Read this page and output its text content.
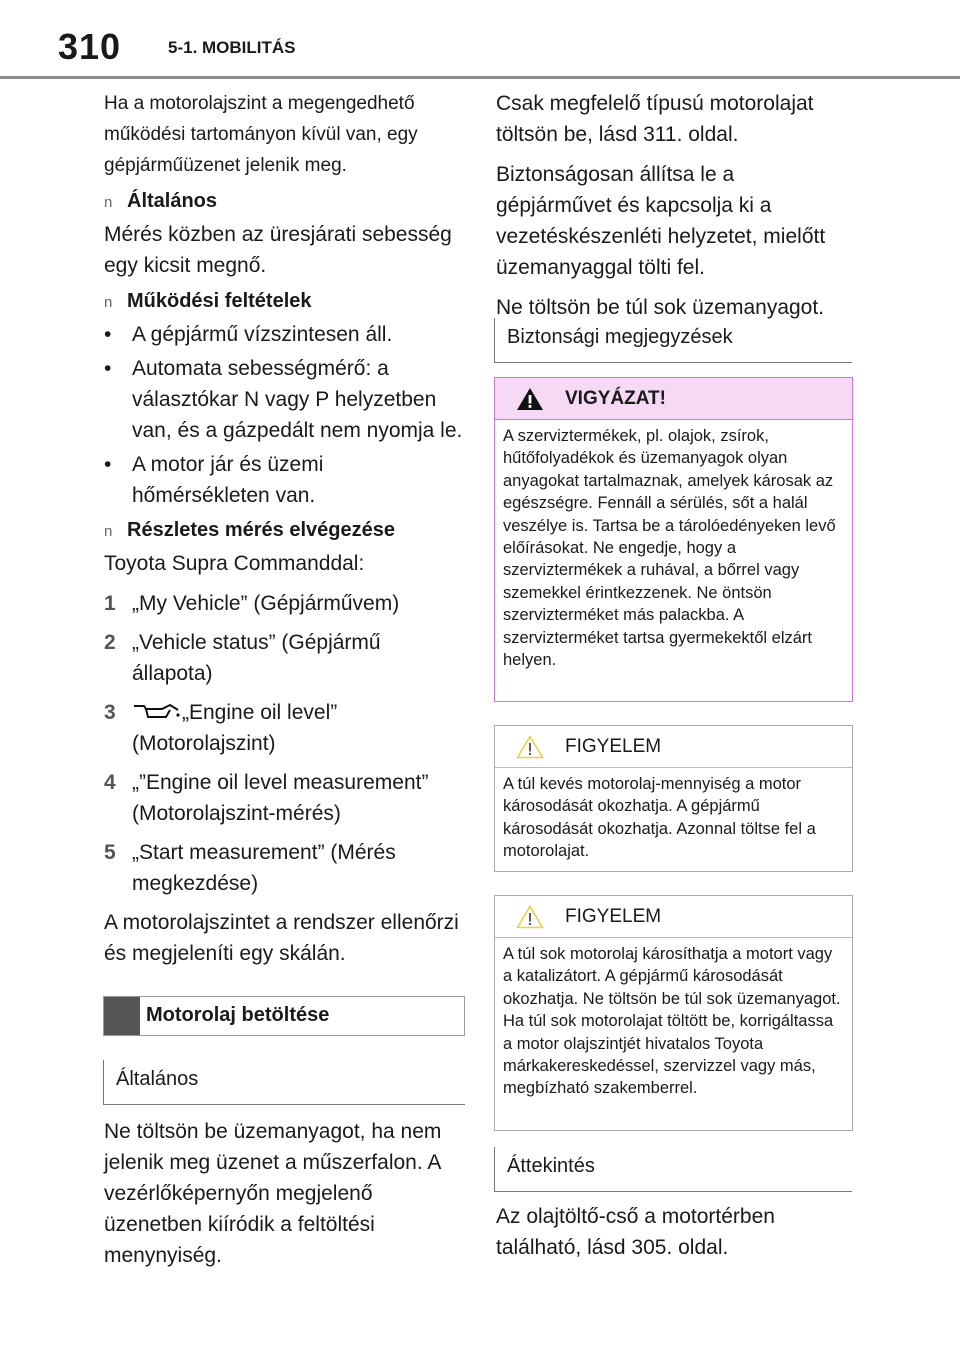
310	5-1. MOBILITÁS

Ha a motorolajszint a megengedhető működési tartományon kívül van, egy gépjárműüzenet jelenik meg.

n Általános

Mérés közben az üresjárati sebesség egy kicsit megnő.

n Működési feltételek
• A gépjármű vízszintesen áll.
• Automata sebességmérő: a választókar N vagy P helyzetben van, és a gázpedált nem nyomja le.
• A motor jár és üzemi hőmérsékleten van.
n Részletes mérés elvégezése

Toyota Supra Commanddal:

1 „My Vehicle” (Gépjárművem)
2 „Vehicle status” (Gépjármű állapota)
3	„Engine oil level” (Motorolajszint)
4 „”Engine oil level measurement” (Motorolajszint-mérés)
5 „Start measurement” (Mérés megkezdése)

A motorolajszintet a rendszer ellenőrzi és megjeleníti egy skálán.

Motorolaj betöltése
Általános
Ne töltsön be üzemanyagot, ha nem jelenik meg üzenet a műszerfalon. A vezérlőképernyőn megjelenő üzenetben kiíródik a feltöltési menynyiség.

Csak megfelelő típusú motorolajat töltsön be, lásd 311. oldal.

Biztonságosan állítsa le a gépjárművet és kapcsolja ki a vezetéskészenléti helyzetet, mielőtt üzemanyaggal tölti fel.

Ne töltsön be túl sok üzemanyagot.

Biztonsági megjegyzések
VIGYÁZAT!
A szerviztermékek, pl. olajok, zsírok, hűtőfolyadékok és üzemanyagok olyan anyagokat tartalmaznak, amelyek károsak az egészségre. Fennáll a sérülés, sőt a halál veszélye is. Tartsa be a tárolóedényeken levő előírásokat. Ne engedje, hogy a szerviztermékek a ruhával, a bőrrel vagy szemekkel érintkezzenek. Ne öntsön szervizterméket más palackba. A szervizterméket tartsa gyermekektől elzárt helyen.
FIGYELEM
A túl kevés motorolaj-mennyiség a motor károsodását okozhatja. A gépjármű károsodását okozhatja. Azonnal töltse fel a motorolajat.
FIGYELEM
A túl sok motorolaj károsíthatja a motort vagy a katalizátort. A gépjármű károsodását okozhatja. Ne töltsön be túl sok üzemanyagot. Ha túl sok motorolajat töltött be, korrigáltassa a motor olajszintjét hivatalos Toyota márkakereskedéssel, szervizzel vagy más, megbízható szakemberrel.
Áttekintés
Az olajtöltő-cső a motortérben található, lásd 305. oldal.
